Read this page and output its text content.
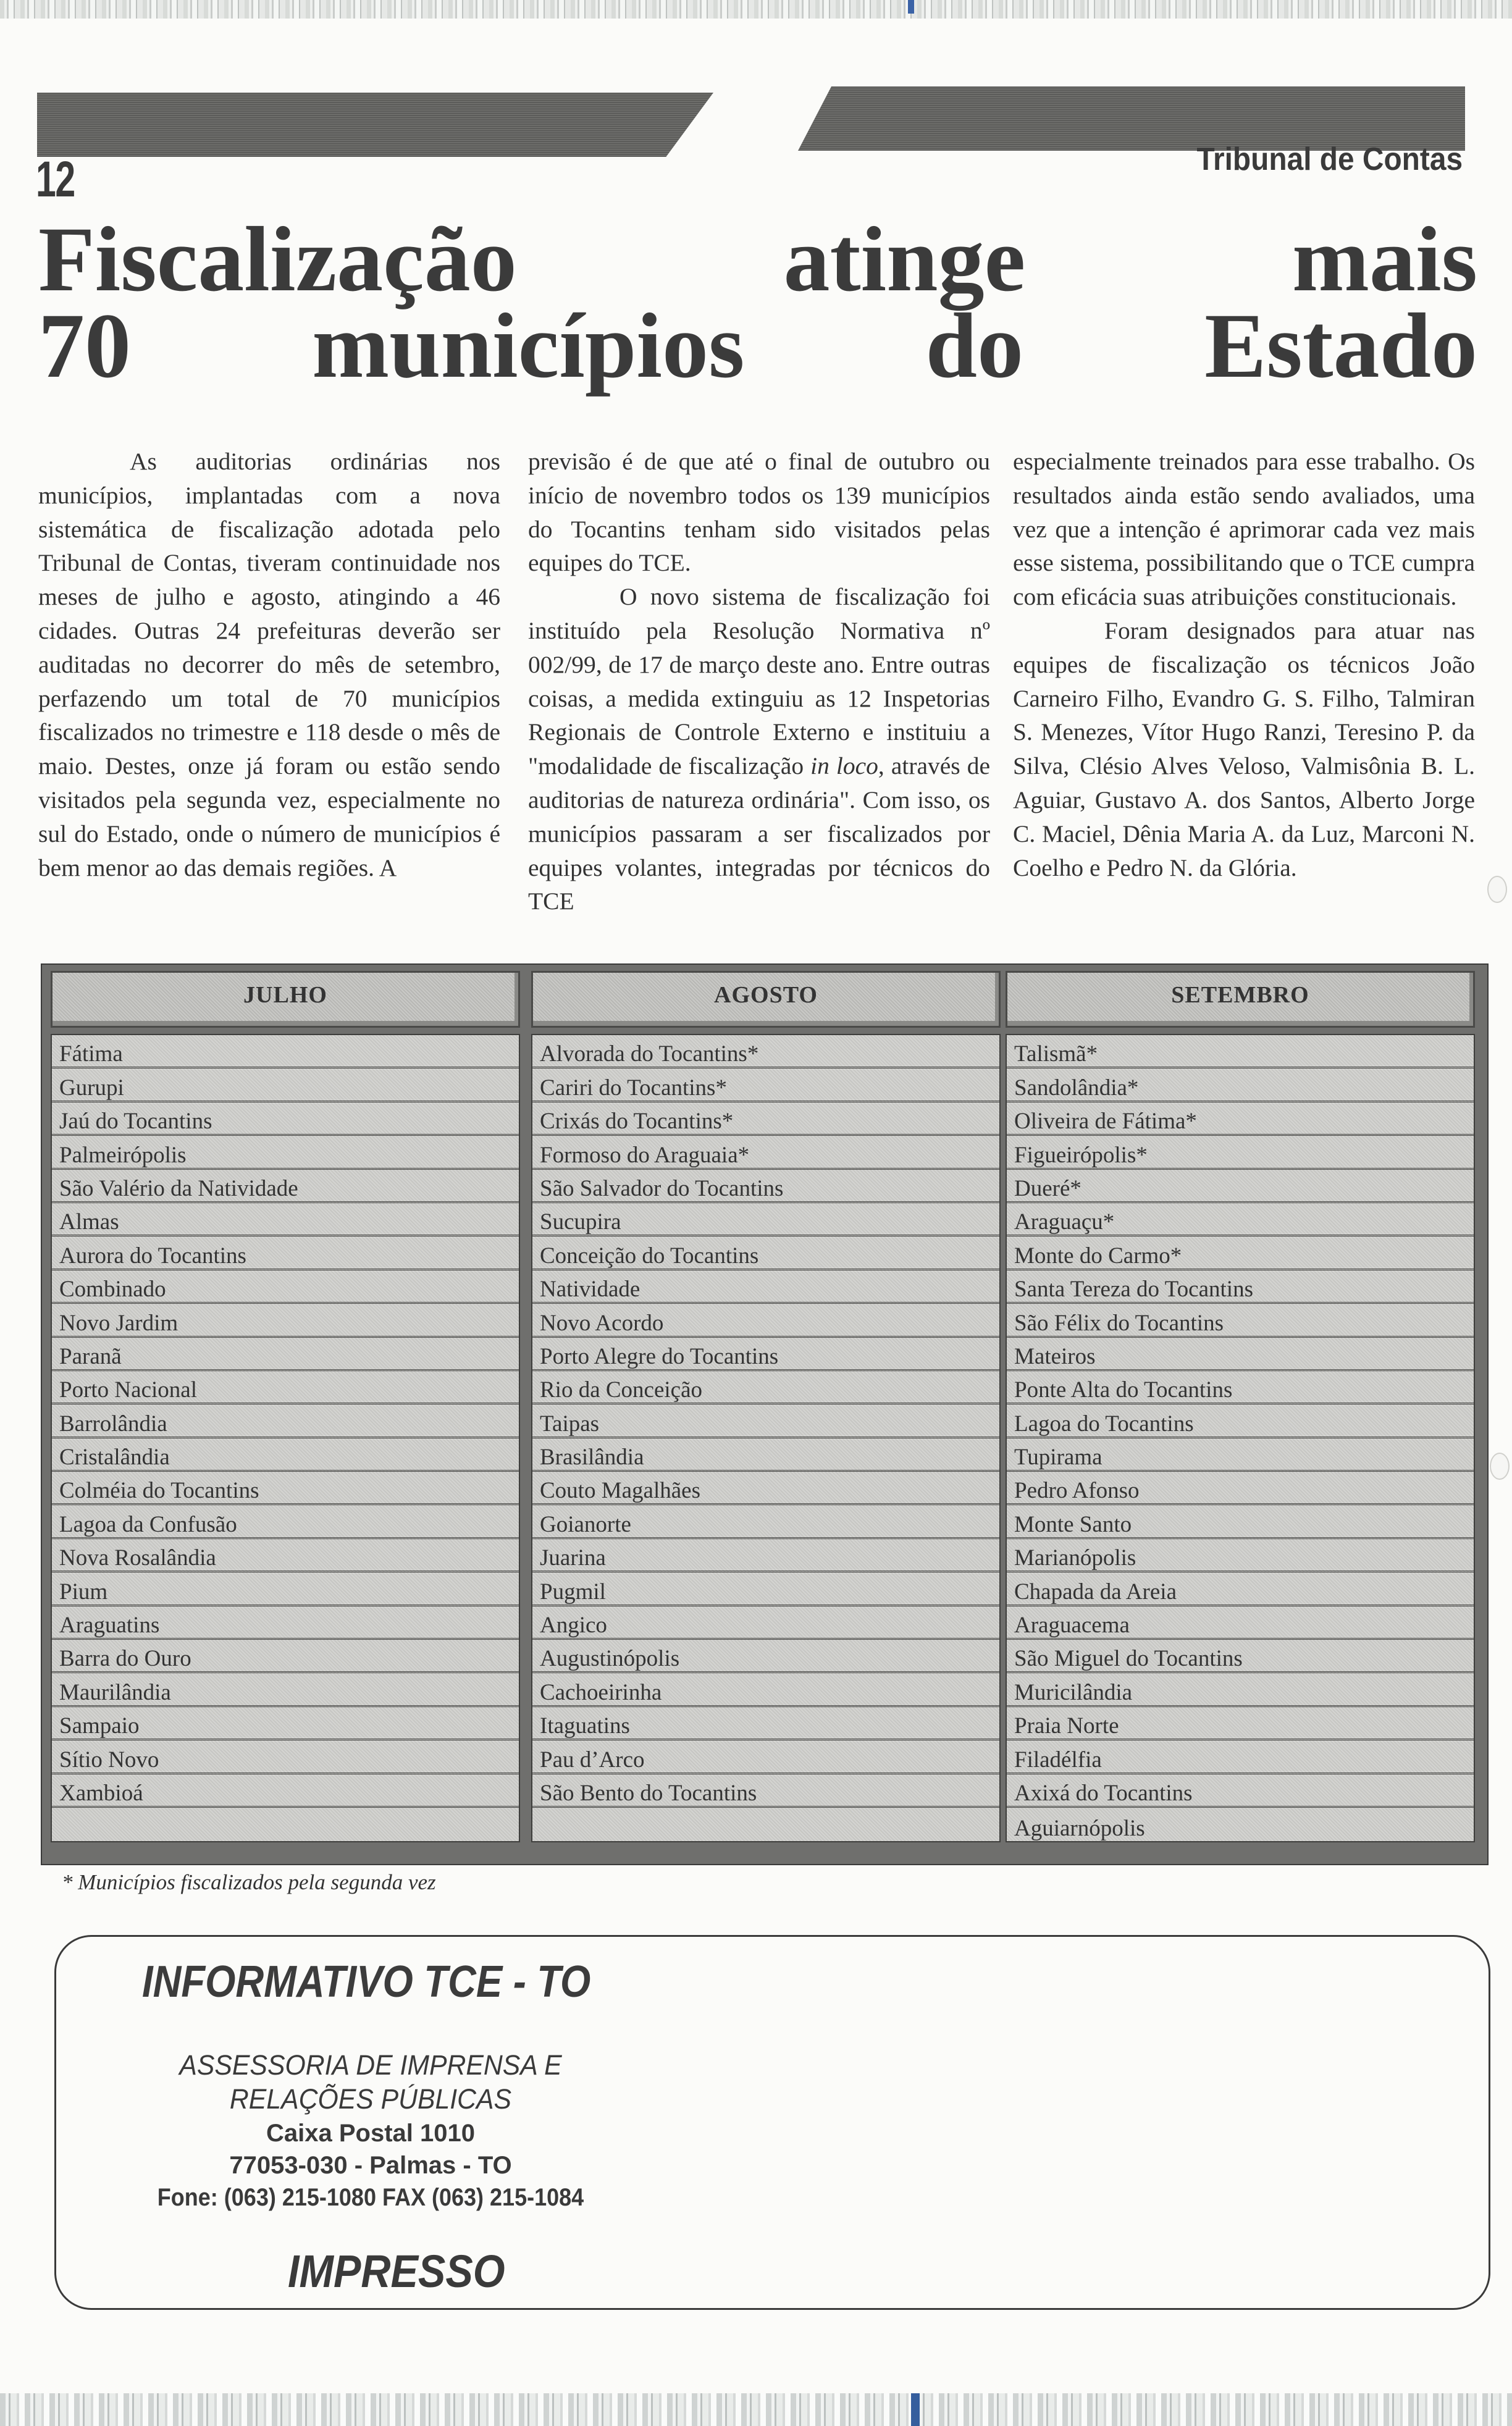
12	Tribunal de Contas
Fiscalização atinge mais
70 municípios do Estado

As auditorias ordinárias nos municípios, implantadas com a nova sistemática de fiscalização adotada pelo Tribunal de Contas, tiveram continuidade nos meses de julho e agosto, atingindo a 46 cidades. Outras 24 prefeituras deverão ser auditadas no decorrer do mês de setembro, perfazendo um total de 70 municípios fiscalizados no trimestre e 118 desde o mês de maio. Destes, onze já foram ou estão sendo visitados pela segunda vez, especialmente no sul do Estado, onde o número de municípios é bem menor ao das demais regiões. A

previsão é de que até o final de outubro ou início de novembro todos os 139 municípios do Tocantins tenham sido visitados pelas equipes do TCE.

O novo sistema de fiscalização foi instituído pela Resolução Normativa nº 002/99, de 17 de março deste ano. Entre outras coisas, a medida extinguiu as 12 Inspetorias Regionais de Controle Externo e instituiu a "modalidade de fiscalização in loco, através de auditorias de natureza ordinária". Com isso, os municípios passaram a ser fiscalizados por equipes volantes, integradas por técnicos do TCE

especialmente treinados para esse trabalho. Os resultados ainda estão sendo avaliados, uma vez que a intenção é aprimorar cada vez mais esse sistema, possibilitando que o TCE cumpra com eficácia suas atribuições constitucionais.

Foram designados para atuar nas equipes de fiscalização os técnicos João Carneiro Filho, Evandro G. S. Filho, Talmiran S. Menezes, Vítor Hugo Ranzi, Teresino P. da Silva, Clésio Alves Veloso, Valmisônia B. L. Aguiar, Gustavo A. dos Santos, Alberto Jorge C. Maciel, Dênia Maria A. da Luz, Marconi N. Coelho e Pedro N. da Glória.

JULHO
Fátima
Gurupi
Jaú do Tocantins
Palmeirópolis
São Valério da Natividade
Almas
Aurora do Tocantins
Combinado
Novo Jardim
Paranã
Porto Nacional
Barrolândia
Cristalândia
Colméia do Tocantins
Lagoa da Confusão
Nova Rosalândia
Pium
Araguatins
Barra do Ouro
Maurilândia
Sampaio
Sítio Novo
Xambioá
AGOSTO
Alvorada do Tocantins*
Cariri do Tocantins*
Crixás do Tocantins*
Formoso do Araguaia*
São Salvador do Tocantins
Sucupira
Conceição do Tocantins
Natividade
Novo Acordo
Porto Alegre do Tocantins
Rio da Conceição
Taipas
Brasilândia
Couto Magalhães
Goianorte
Juarina
Pugmil
Angico
Augustinópolis
Cachoeirinha
Itaguatins
Pau d’Arco
São Bento do Tocantins
SETEMBRO
Talismã*
Sandolândia*
Oliveira de Fátima*
Figueirópolis*
Dueré*
Araguaçu*
Monte do Carmo*
Santa Tereza do Tocantins
São Félix do Tocantins
Mateiros
Ponte Alta do Tocantins
Lagoa do Tocantins
Tupirama
Pedro Afonso
Monte Santo
Marianópolis
Chapada da Areia
Araguacema
São Miguel do Tocantins
Muricilândia
Praia Norte
Filadélfia
Axixá do Tocantins
Aguiarnópolis
* Municípios fiscalizados pela segunda vez
INFORMATIVO TCE - TO
ASSESSORIA DE IMPRENSA E
RELAÇÕES PÚBLICAS
Caixa Postal 1010
77053-030 - Palmas - TO
Fone: (063) 215-1080 FAX (063) 215-1084
IMPRESSO
